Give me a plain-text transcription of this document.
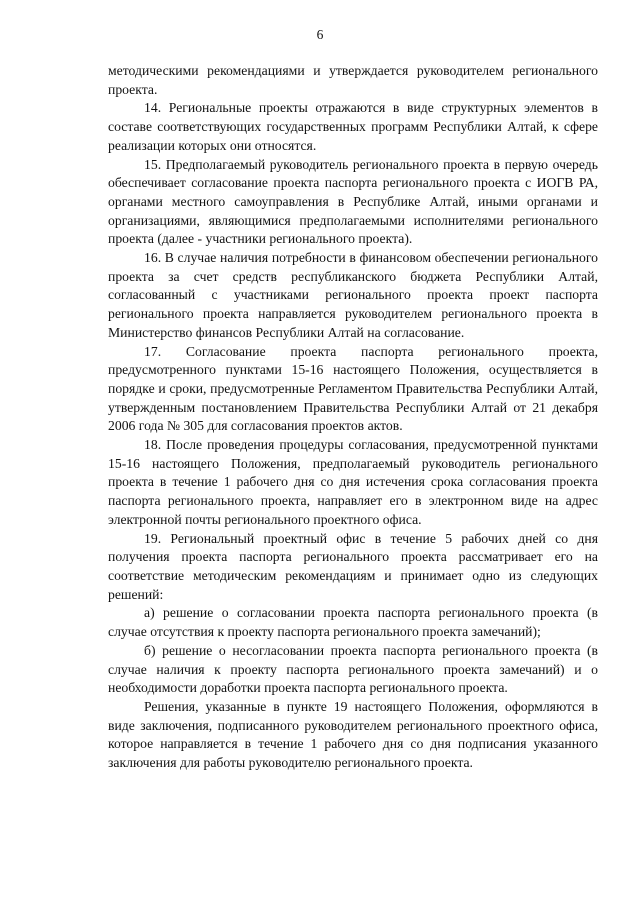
6

методическими рекомендациями и утверждается руководителем регионального проекта.

14. Региональные проекты отражаются в виде структурных элементов в составе соответствующих государственных программ Республики Алтай, к сфере реализации которых они относятся.

15. Предполагаемый руководитель регионального проекта в первую очередь обеспечивает согласование проекта паспорта регионального проекта с ИОГВ РА, органами местного самоуправления в Республике Алтай, иными органами и организациями, являющимися предполагаемыми исполнителями регионального проекта (далее - участники регионального проекта).

16. В случае наличия потребности в финансовом обеспечении регионального проекта за счет средств республиканского бюджета Республики Алтай, согласованный с участниками регионального проекта проект паспорта регионального проекта направляется руководителем регионального проекта в Министерство финансов Республики Алтай на согласование.

17. Согласование проекта паспорта регионального проекта, предусмотренного пунктами 15-16 настоящего Положения, осуществляется в порядке и сроки, предусмотренные Регламентом Правительства Республики Алтай, утвержденным постановлением Правительства Республики Алтай от 21 декабря 2006 года № 305 для согласования проектов актов.

18. После проведения процедуры согласования, предусмотренной пунктами 15-16 настоящего Положения, предполагаемый руководитель регионального проекта в течение 1 рабочего дня со дня истечения срока согласования проекта паспорта регионального проекта, направляет его в электронном виде на адрес электронной почты регионального проектного офиса.

19. Региональный проектный офис в течение 5 рабочих дней со дня получения проекта паспорта регионального проекта рассматривает его на соответствие методическим рекомендациям и принимает одно из следующих решений:

а) решение о согласовании проекта паспорта регионального проекта (в случае отсутствия к проекту паспорта регионального проекта замечаний);

б) решение о несогласовании проекта паспорта регионального проекта (в случае наличия к проекту паспорта регионального проекта замечаний) и о необходимости доработки проекта паспорта регионального проекта.

Решения, указанные в пункте 19 настоящего Положения, оформляются в виде заключения, подписанного руководителем регионального проектного офиса, которое направляется в течение 1 рабочего дня со дня подписания указанного заключения для работы руководителю регионального проекта.
